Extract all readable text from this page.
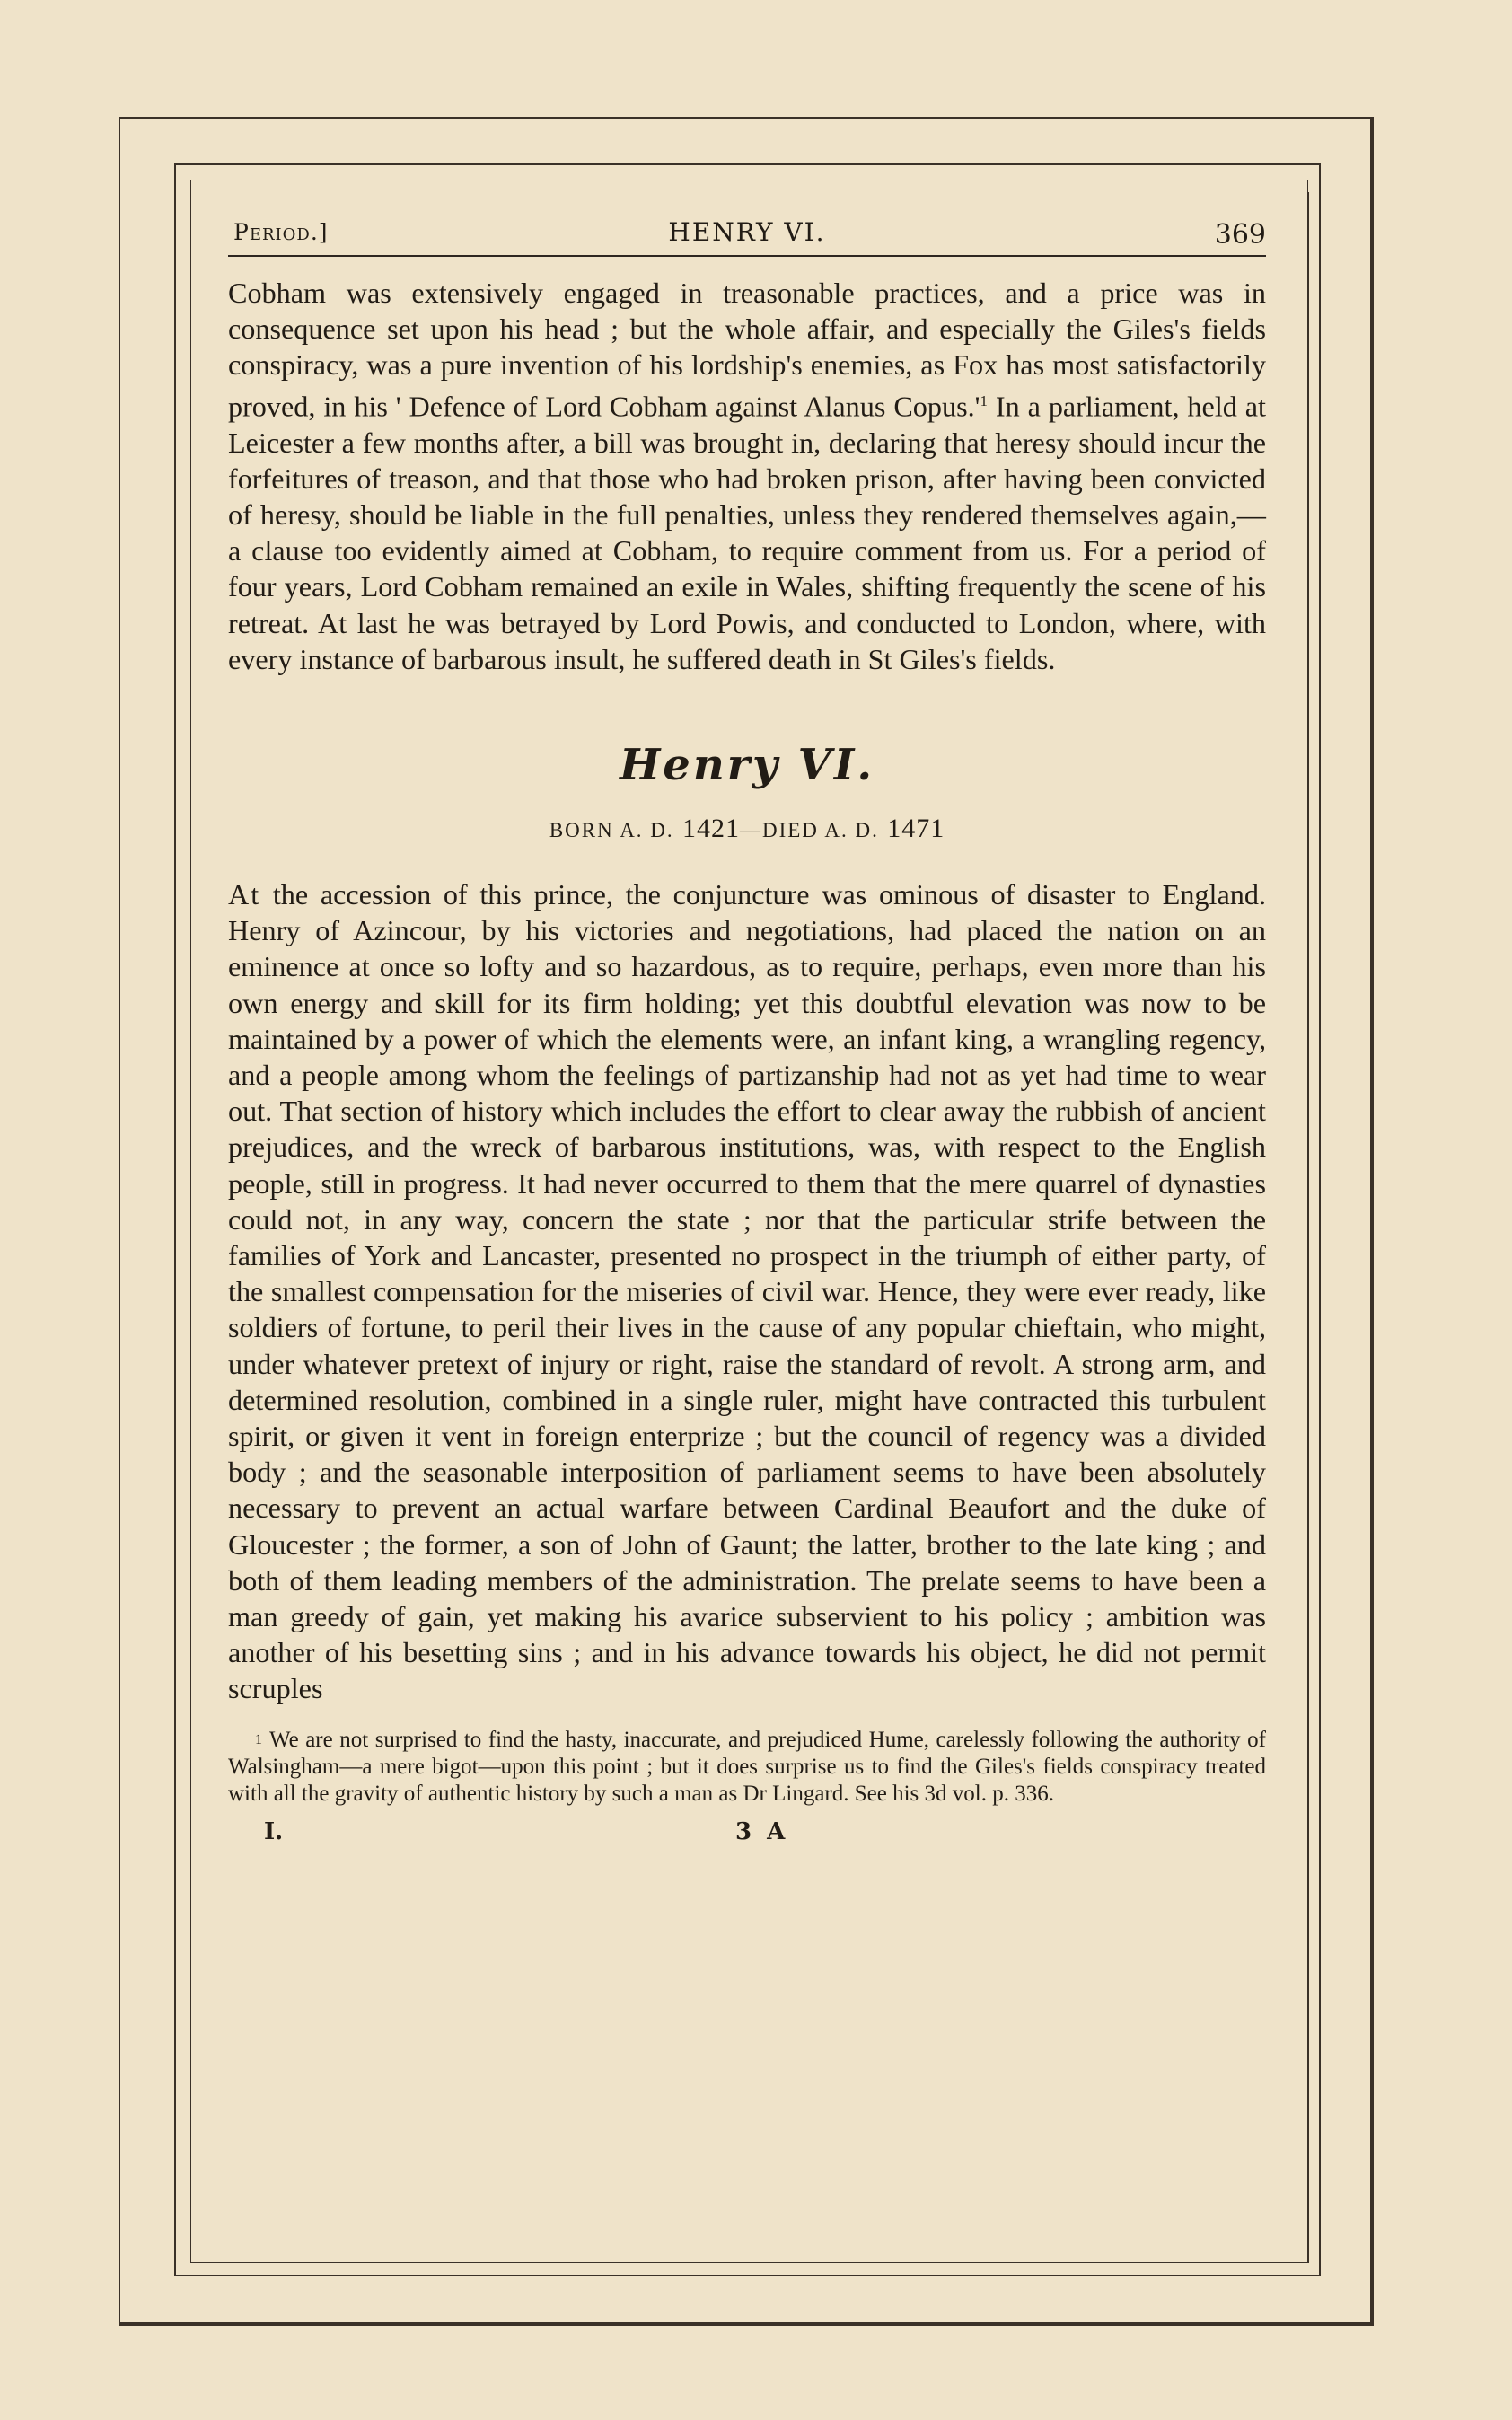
Period.]	HENRY VI.	369

Cobham was extensively engaged in treasonable practices, and a price was in consequence set upon his head ; but the whole affair, and especially the Giles's fields conspiracy, was a pure invention of his lordship's enemies, as Fox has most satisfactorily proved, in his ' Defence of Lord Cobham against Alanus $Copus.'^1$ In a parliament, held at Leicester a few months after, a bill was brought in, declaring that heresy should incur the forfeitures of treason, and that those who had broken prison, after having been convicted of heresy, should be liable in the full penalties, unless they rendered themselves again,—a clause too evidently aimed at Cobham, to require comment from us. For a period of four years, Lord Cobham remained an exile in Wales, shifting frequently the scene of his retreat. At last he was betrayed by Lord Powis, and conducted to London, where, with every instance of barbarous insult, he suffered death in St Giles's fields.

Henry VI.
BORN A. D. 1421—DIED A. D. 1471

At the accession of this prince, the conjuncture was ominous of disaster to England. Henry of Azincour, by his victories and negotiations, had placed the nation on an eminence at once so lofty and so hazardous, as to require, perhaps, even more than his own energy and skill for its firm holding; yet this doubtful elevation was now to be maintained by a power of which the elements were, an infant king, a wrangling regency, and a people among whom the feelings of partizanship had not as yet had time to wear out. That section of history which includes the effort to clear away the rubbish of ancient prejudices, and the wreck of barbarous institutions, was, with respect to the English people, still in progress. It had never occurred to them that the mere quarrel of dynasties could not, in any way, concern the state ; nor that the particular strife between the families of York and Lancaster, presented no prospect in the triumph of either party, of the smallest compensation for the miseries of civil war. Hence, they were ever ready, like soldiers of fortune, to peril their lives in the cause of any popular chieftain, who might, under whatever pretext of injury or right, raise the standard of revolt. A strong arm, and determined resolution, combined in a single ruler, might have contracted this turbulent spirit, or given it vent in foreign enterprize ; but the council of regency was a divided body ; and the seasonable interposition of parliament seems to have been absolutely necessary to prevent an actual warfare between Cardinal Beaufort and the duke of Gloucester ; the former, a son of John of Gaunt; the latter, brother to the late king ; and both of them leading members of the administration. The prelate seems to have been a man greedy of gain, yet making his avarice subservient to his policy ; ambition was another of his besetting sins ; and in his advance towards his object, he did not permit scruples

$^1$ We are not surprised to find the hasty, inaccurate, and prejudiced Hume, carelessly following the authority of Walsingham—a mere bigot—upon this point ; but it does surprise us to find the Giles's fields conspiracy treated with all the gravity of authentic history by such a man as Dr Lingard. See his 3d vol. p. 336.
I.	3 A
